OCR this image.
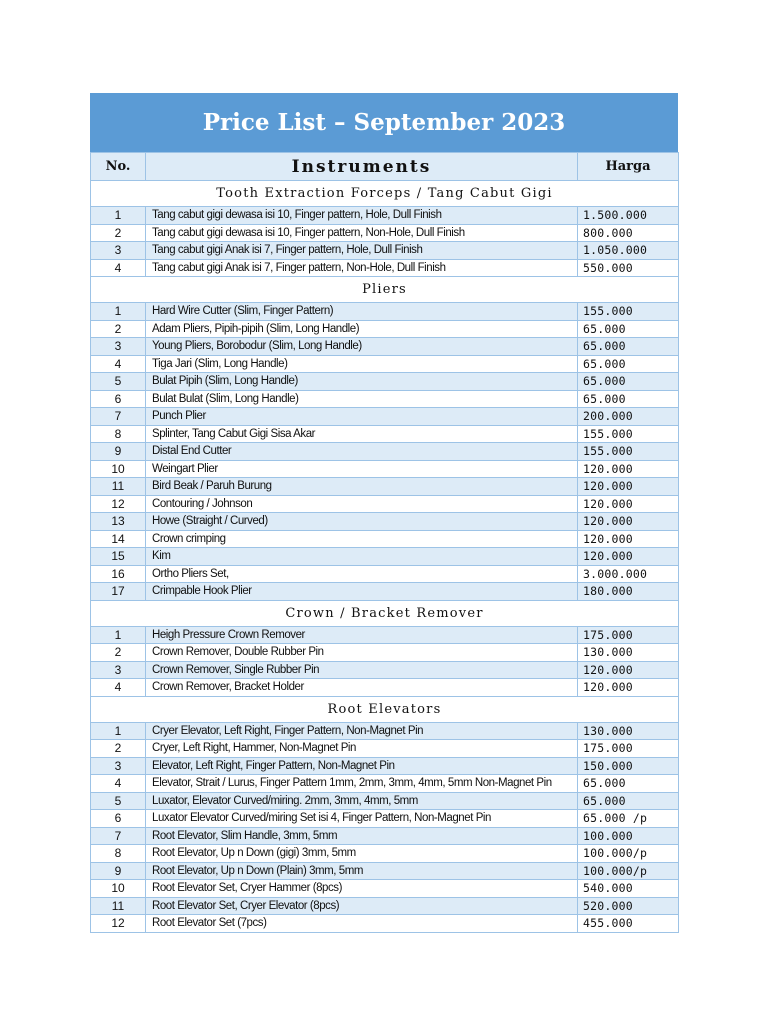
Price List – September 2023
No.	Instruments	Harga
Tooth Extraction Forceps / Tang Cabut Gigi		
1	Tang cabut gigi dewasa isi 10, Finger pattern, Hole, Dull Finish	1.500.000
2	Tang cabut gigi dewasa isi 10, Finger pattern, Non-Hole, Dull Finish	800.000
3	Tang cabut gigi Anak isi 7, Finger pattern, Hole, Dull Finish	1.050.000
4	Tang cabut gigi Anak isi 7, Finger pattern, Non-Hole, Dull Finish	550.000
Pliers		
1	Hard Wire Cutter (Slim, Finger Pattern)	155.000
2	Adam Pliers, Pipih-pipih (Slim, Long Handle)	65.000
3	Young Pliers, Borobodur (Slim, Long Handle)	65.000
4	Tiga Jari (Slim, Long Handle)	65.000
5	Bulat Pipih (Slim, Long Handle)	65.000
6	Bulat Bulat (Slim, Long Handle)	65.000
7	Punch Plier	200.000
8	Splinter, Tang Cabut Gigi Sisa Akar	155.000
9	Distal End Cutter	155.000
10	Weingart Plier	120.000
11	Bird Beak / Paruh Burung	120.000
12	Contouring / Johnson	120.000
13	Howe (Straight / Curved)	120.000
14	Crown crimping	120.000
15	Kim	120.000
16	Ortho Pliers Set,	3.000.000
17	Crimpable Hook Plier	180.000
Crown / Bracket Remover		
1	Heigh Pressure Crown Remover	175.000
2	Crown Remover, Double Rubber Pin	130.000
3	Crown Remover, Single Rubber Pin	120.000
4	Crown Remover, Bracket Holder	120.000
Root Elevators		
1	Cryer Elevator, Left Right, Finger Pattern, Non-Magnet Pin	130.000
2	Cryer, Left Right, Hammer, Non-Magnet Pin	175.000
3	Elevator, Left Right, Finger Pattern, Non-Magnet Pin	150.000
4	Elevator, Strait / Lurus, Finger Pattern 1mm, 2mm, 3mm, 4mm, 5mm Non-Magnet Pin	65.000
5	Luxator, Elevator Curved/miring. 2mm, 3mm, 4mm, 5mm	65.000
6	Luxator Elevator Curved/miring Set isi 4, Finger Pattern, Non-Magnet Pin	65.000 /p
7	Root Elevator, Slim Handle, 3mm, 5mm	100.000
8	Root Elevator, Up n Down (gigi) 3mm, 5mm	100.000/p
9	Root Elevator, Up n Down (Plain) 3mm, 5mm	100.000/p
10	Root Elevator Set, Cryer Hammer (8pcs)	540.000
11	Root Elevator Set, Cryer Elevator (8pcs)	520.000
12	Root Elevator Set (7pcs)	455.000
